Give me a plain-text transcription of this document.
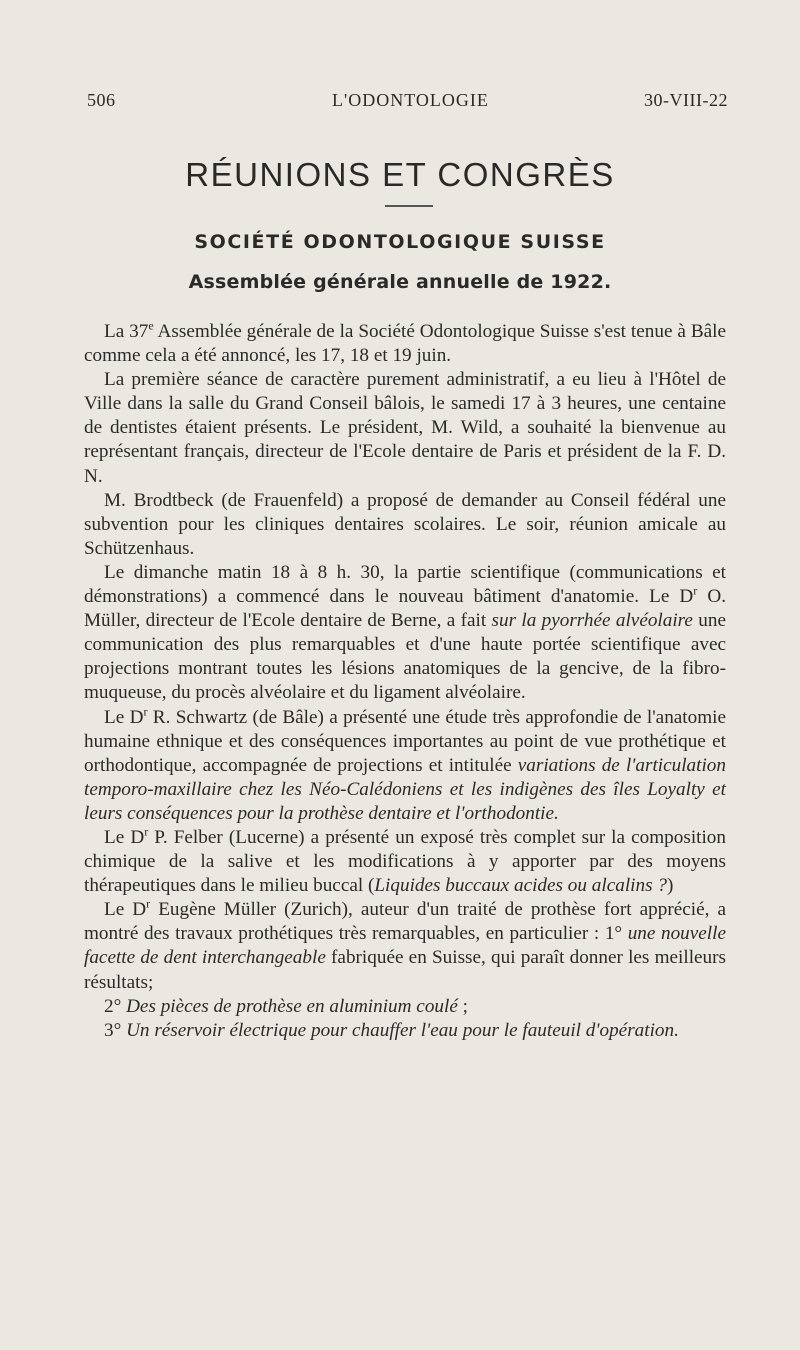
506	L'ODONTOLOGIE	30-VIII-22
RÉUNIONS ET CONGRÈS
SOCIÉTÉ ODONTOLOGIQUE SUISSE
Assemblée générale annuelle de 1922.

La 37e Assemblée générale de la Société Odontologique Suisse s'est tenue à Bâle comme cela a été annoncé, les 17, 18 et 19 juin.

La première séance de caractère purement administratif, a eu lieu à l'Hôtel de Ville dans la salle du Grand Conseil bâlois, le samedi 17 à 3 heures, une centaine de dentistes étaient présents. Le président, M. Wild, a souhaité la bienvenue au représentant français, directeur de l'Ecole dentaire de Paris et président de la F. D. N.

M. Brodtbeck (de Frauenfeld) a proposé de demander au Conseil fédéral une subvention pour les cliniques dentaires scolaires. Le soir, réunion amicale au Schützenhaus.

Le dimanche matin 18 à 8 h. 30, la partie scientifique (communications et démonstrations) a commencé dans le nouveau bâtiment d'anatomie. Le $D^r$ O. Müller, directeur de l'Ecole dentaire de Berne, a fait sur la pyorrhée alvéolaire une communication des plus remarquables et d'une haute portée scientifique avec projections montrant toutes les lésions anatomiques de la gencive, de la fibro-muqueuse, du procès alvéolaire et du ligament alvéolaire.

Le $D^r$ R. Schwartz (de Bâle) a présenté une étude très approfondie de l'anatomie humaine ethnique et des conséquences importantes au point de vue prothétique et orthodontique, accompagnée de projections et intitulée variations de l'articulation temporo-maxillaire chez les Néo-Calédoniens et les indigènes des îles Loyalty et leurs conséquences pour la prothèse dentaire et l'orthodontie.

Le $D^r$ P. Felber (Lucerne) a présenté un exposé très complet sur la composition chimique de la salive et les modifications à y apporter par des moyens thérapeutiques dans le milieu buccal (Liquides buccaux acides ou alcalins ?)

Le $D^r$ Eugène Müller (Zurich), auteur d'un traité de prothèse fort apprécié, a montré des travaux prothétiques très remarquables, en particulier : 1° une nouvelle facette de dent interchangeable fabriquée en Suisse, qui paraît donner les meilleurs résultats;

2° Des pièces de prothèse en aluminium coulé ;

3° Un réservoir électrique pour chauffer l'eau pour le fauteuil d'opération.
